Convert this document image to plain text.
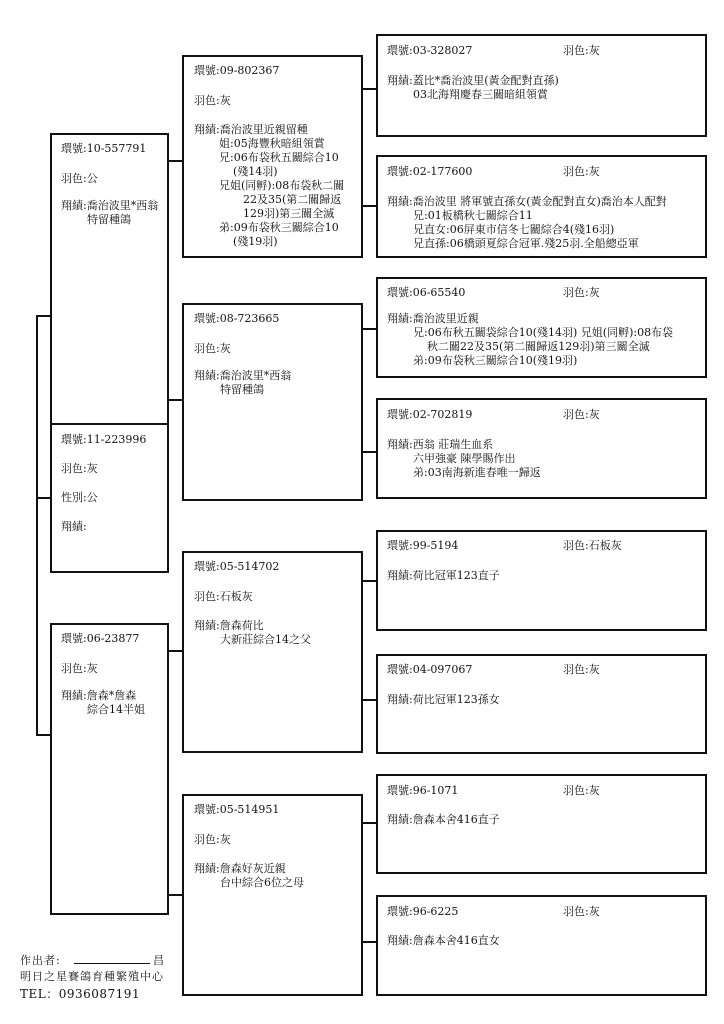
環號:10-557791
羽色:公
翔績:喬治波里*西翁
特留種鴿
環號:11-223996
羽色:灰
性別:公
翔績:
環號:06-23877
羽色:灰
翔績:詹森*詹森
綜合14半姐
環號:09-802367
羽色:灰
翔績:喬治波里近親留種
姐:05海豐秋暗組領賞
兄:06布袋秋五關綜合10
(殘14羽)
兄姐(同孵):08布袋秋二關
22及35(第二關歸返
129羽)第三關全滅
弟:09布袋秋三關綜合10
(殘19羽)
環號:08-723665
羽色:灰
翔績:喬治波里*西翁
特留種鴿
環號:05-514702
羽色:石板灰
翔績:詹森荷比
大新莊綜合14之父
環號:05-514951
羽色:灰
翔績:詹森好灰近親
台中綜合6位之母
環號:03-328027	羽色:灰
翔績:蓋比*喬治波里(黃金配對直孫)
03北海翔慶春三關暗組領賞
環號:02-177600	羽色:灰
翔績:喬治波里 將軍號直孫女(黃金配對直女)喬治本人配對
兄:01板橋秋七關綜合11
兄直女:06屏東市信冬七關綜合4(殘16羽)
兄直孫:06橋頭夏綜合冠軍.殘25羽.全船總亞軍
環號:06-65540	羽色:灰
翔績:喬治波里近親
兄:06布秋五關袋綜合10(殘14羽) 兄姐(同孵):08布袋
秋二關22及35(第二關歸返129羽)第三關全滅
弟:09布袋秋三關綜合10(殘19羽)
環號:02-702819	羽色:灰
翔績:西翁 莊瑞生血系
六甲強豪 陳學賜作出
弟:03南海新進春唯一歸返
環號:99-5194	羽色:石板灰
翔績:荷比冠軍123直子
環號:04-097067	羽色:灰
翔績:荷比冠軍123孫女
環號:96-1071	羽色:灰
翔績:詹森本舍416直子
環號:96-6225	羽色:灰
翔績:詹森本舍416直女
作出者:	昌
明日之星賽鴿育種繁殖中心
TEL：0936087191
